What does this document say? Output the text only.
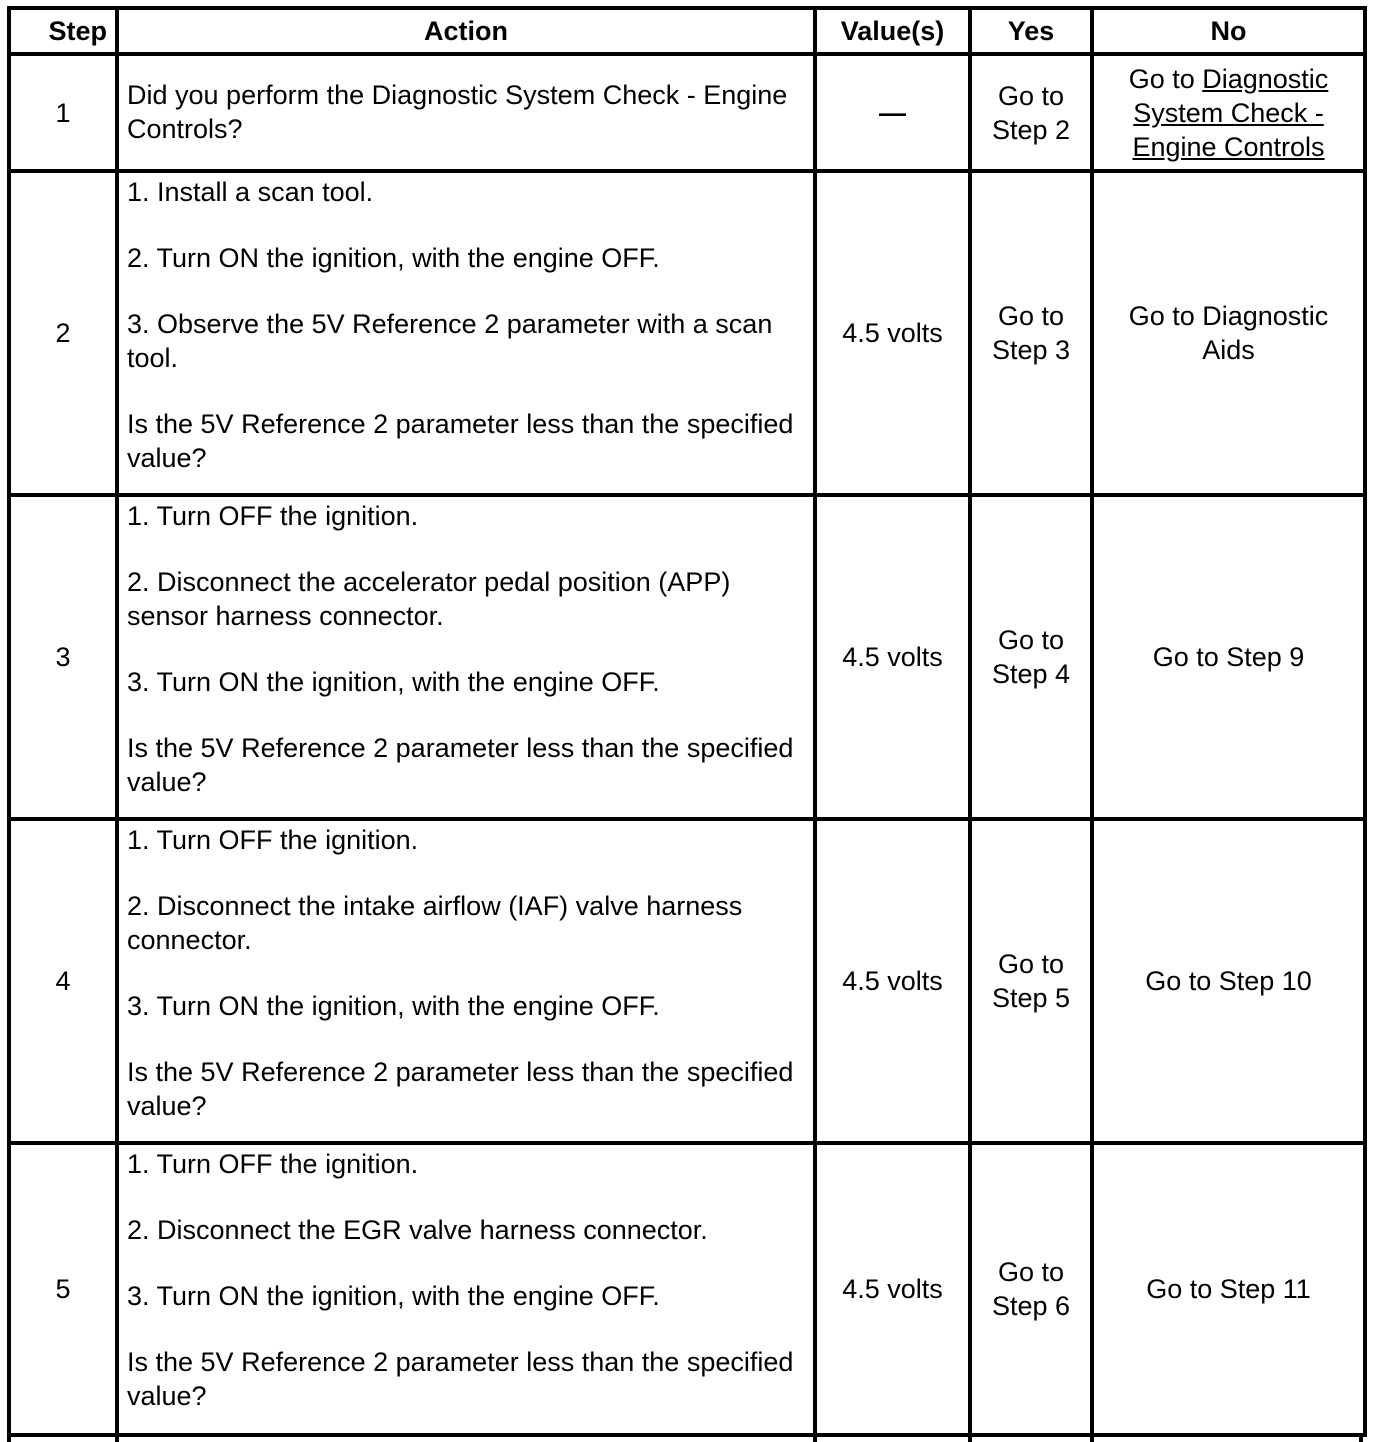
Step	Action	Value(s)	Yes	No
1	Did you perform the Diagnostic System Check - Engine Controls?	—	Go to Step 2	Go to Diagnostic System Check - Engine Controls
2	1. Install a scan tool.

2. Turn ON the ignition, with the engine OFF.

3. Observe the 5V Reference 2 parameter with a scan tool.

Is the 5V Reference 2 parameter less than the specified value?	4.5 volts	Go to Step 3	Go to Diagnostic Aids

3	1. Turn OFF the ignition.

2. Disconnect the accelerator pedal position (APP) sensor harness connector.

3. Turn ON the ignition, with the engine OFF.

Is the 5V Reference 2 parameter less than the specified value?	4.5 volts	Go to Step 4	Go to Step 9
4	1. Turn OFF the ignition.

2. Disconnect the intake airflow (IAF) valve harness connector.

3. Turn ON the ignition, with the engine OFF.

Is the 5V Reference 2 parameter less than the specified value?	4.5 volts	Go to Step 5	Go to Step 10
5	1. Turn OFF the ignition.

2. Disconnect the EGR valve harness connector.

3. Turn ON the ignition, with the engine OFF.

Is the 5V Reference 2 parameter less than the specified value?	4.5 volts	Go to Step 6	Go to Step 11
